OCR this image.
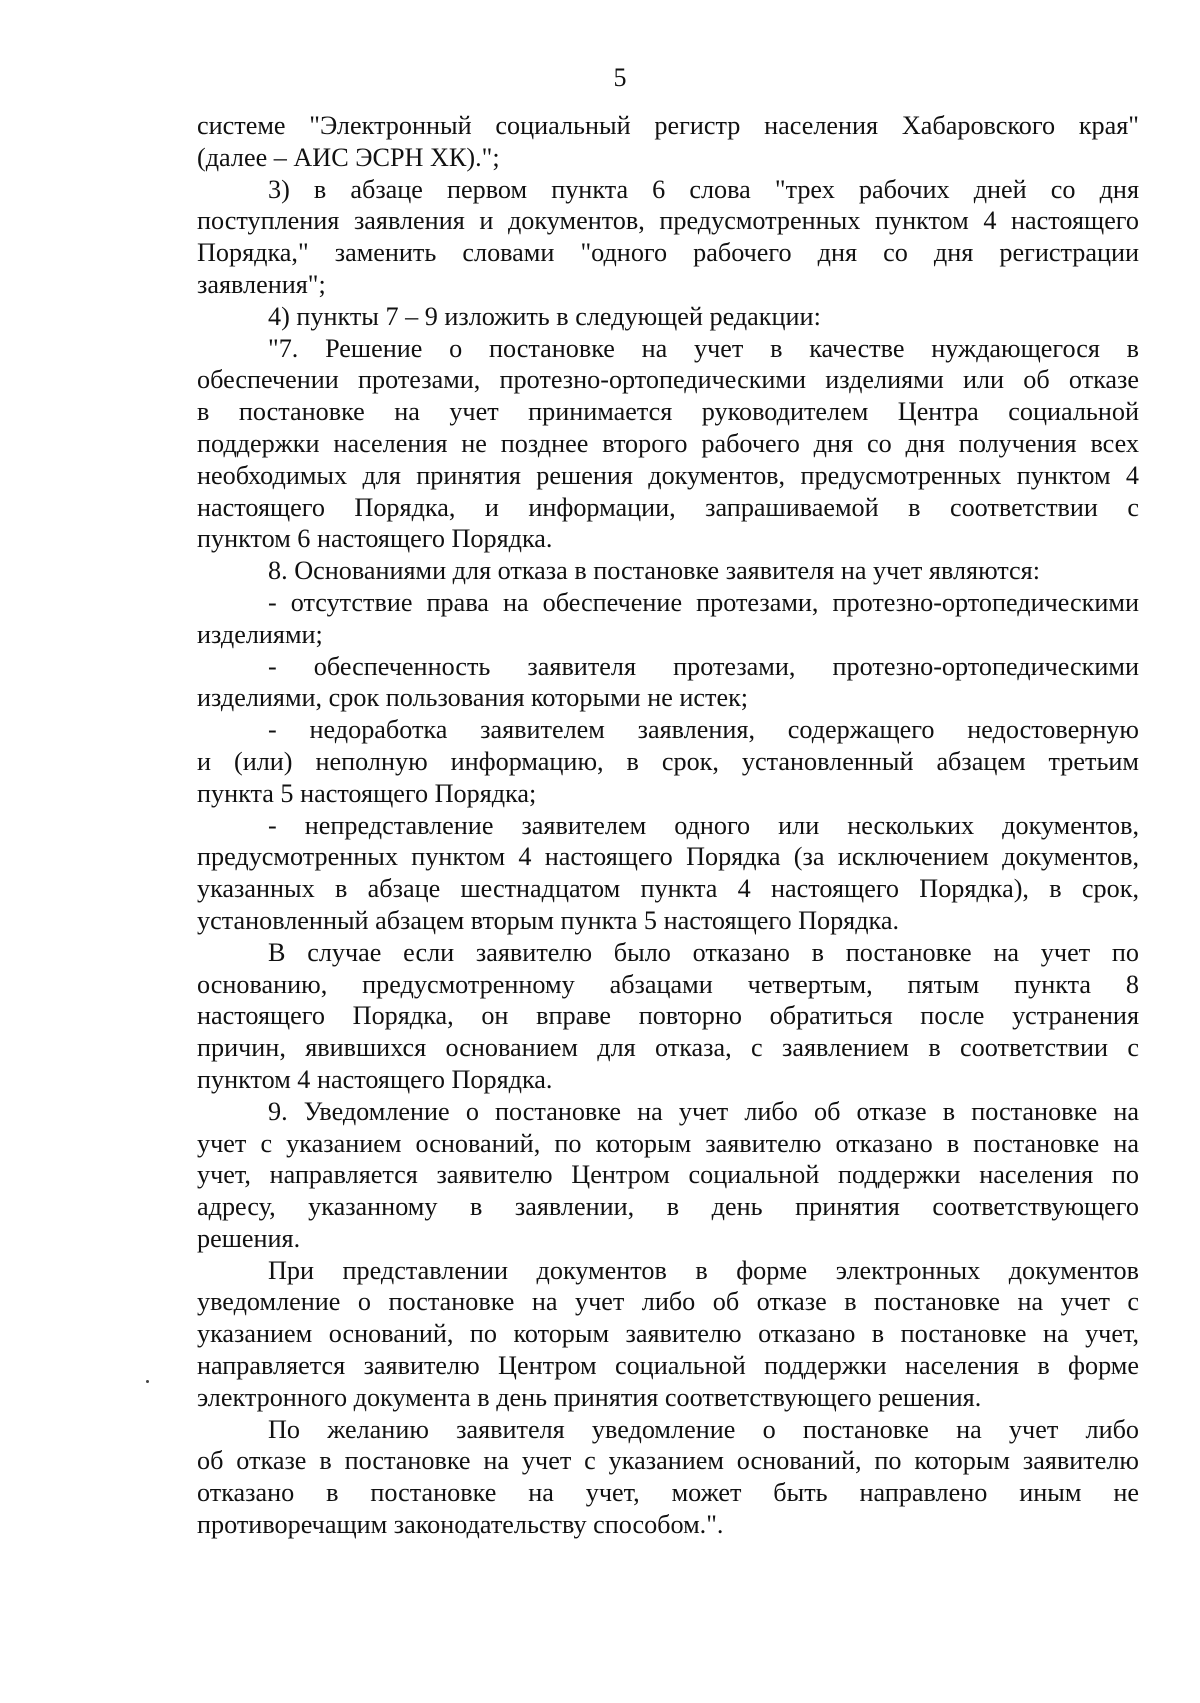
5
системе "Электронный социальный регистр населения Хабаровского края"
(далее – АИС ЭСРН ХК).";
3) в абзаце первом пункта 6 слова "трех рабочих дней со дня
поступления заявления и документов, предусмотренных пунктом 4 настоящего
Порядка," заменить словами "одного рабочего дня со дня регистрации
заявления";
4) пункты 7 – 9 изложить в следующей редакции:
"7. Решение о постановке на учет в качестве нуждающегося в
обеспечении протезами, протезно-ортопедическими изделиями или об отказе
в постановке на учет принимается руководителем Центра социальной
поддержки населения не позднее второго рабочего дня со дня получения всех
необходимых для принятия решения документов, предусмотренных пунктом 4
настоящего Порядка, и информации, запрашиваемой в соответствии с
пунктом 6 настоящего Порядка.
8. Основаниями для отказа в постановке заявителя на учет являются:
- отсутствие права на обеспечение протезами, протезно-ортопедическими
изделиями;
- обеспеченность заявителя протезами, протезно-ортопедическими
изделиями, срок пользования которыми не истек;
- недоработка заявителем заявления, содержащего недостоверную
и (или) неполную информацию, в срок, установленный абзацем третьим
пункта 5 настоящего Порядка;
- непредставление заявителем одного или нескольких документов,
предусмотренных пунктом 4 настоящего Порядка (за исключением документов,
указанных в абзаце шестнадцатом пункта 4 настоящего Порядка), в срок,
установленный абзацем вторым пункта 5 настоящего Порядка.
В случае если заявителю было отказано в постановке на учет по
основанию, предусмотренному абзацами четвертым, пятым пункта 8
настоящего Порядка, он вправе повторно обратиться после устранения
причин, явившихся основанием для отказа, с заявлением в соответствии с
пунктом 4 настоящего Порядка.
9. Уведомление о постановке на учет либо об отказе в постановке на
учет с указанием оснований, по которым заявителю отказано в постановке на
учет, направляется заявителю Центром социальной поддержки населения по
адресу, указанному в заявлении, в день принятия соответствующего
решения.
При представлении документов в форме электронных документов
уведомление о постановке на учет либо об отказе в постановке на учет с
указанием оснований, по которым заявителю отказано в постановке на учет,
направляется заявителю Центром социальной поддержки населения в форме
электронного документа в день принятия соответствующего решения.
По желанию заявителя уведомление о постановке на учет либо
об отказе в постановке на учет с указанием оснований, по которым заявителю
отказано в постановке на учет, может быть направлено иным не
противоречащим законодательству способом.".
